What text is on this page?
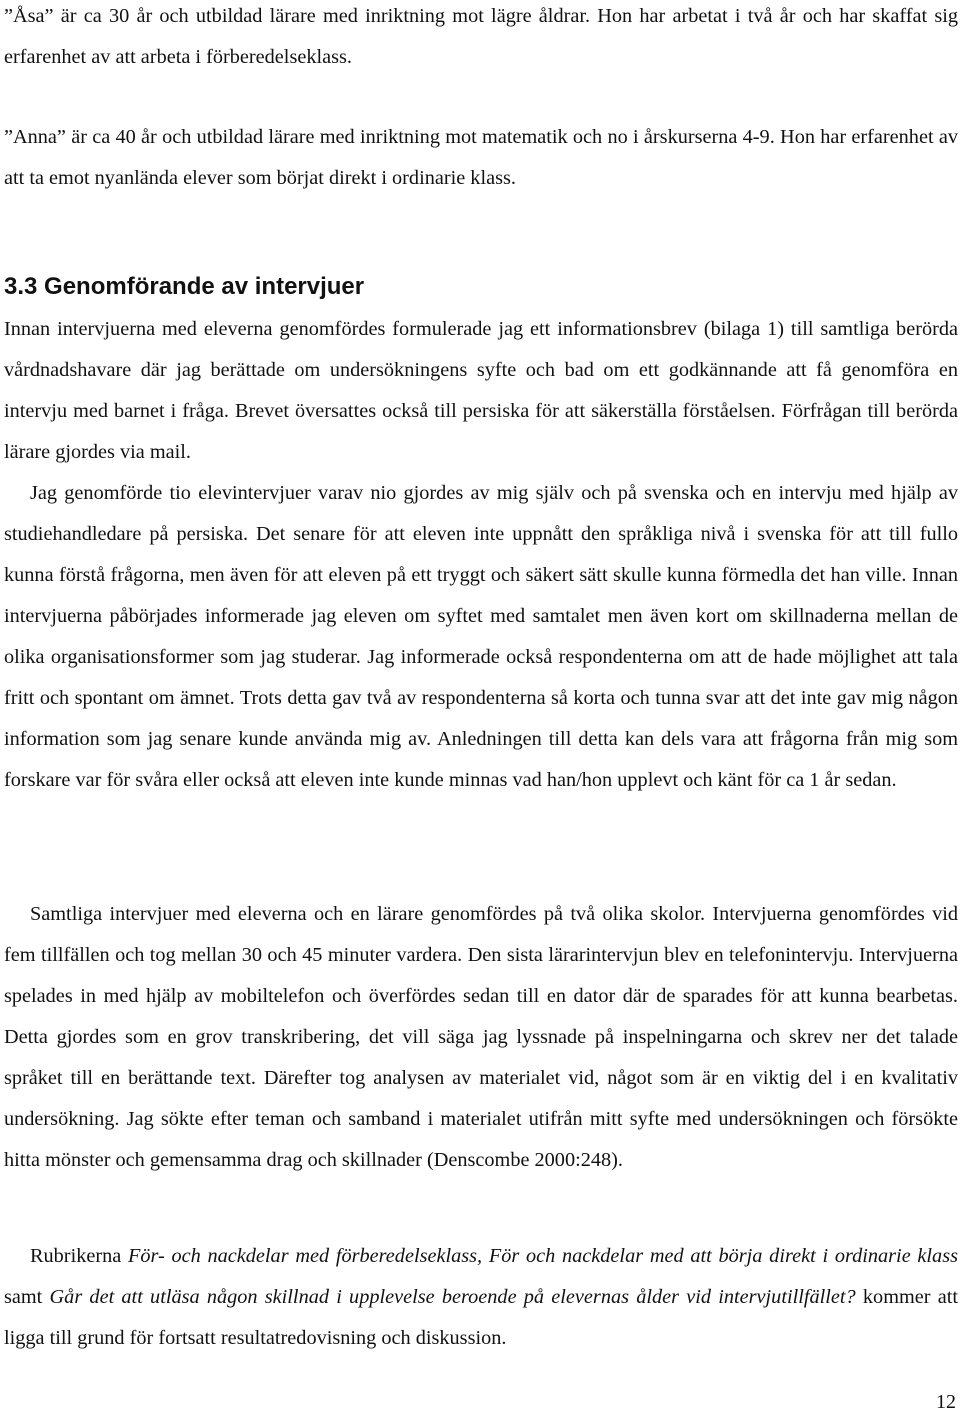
”Åsa” är ca 30 år och utbildad lärare med inriktning mot lägre åldrar. Hon har arbetat i två år och har skaffat sig erfarenhet av att arbeta i förberedelseklass.

”Anna” är ca 40 år och utbildad lärare med inriktning mot matematik och no i årskurserna 4-9. Hon har erfarenhet av att ta emot nyanlända elever som börjat direkt i ordinarie klass.

3.3 Genomförande av intervjuer

Innan intervjuerna med eleverna genomfördes formulerade jag ett informationsbrev (bilaga 1) till samtliga berörda vårdnadshavare där jag berättade om undersökningens syfte och bad om ett godkännande att få genomföra en intervju med barnet i fråga. Brevet översattes också till persiska för att säkerställa förståelsen. Förfrågan till berörda lärare gjordes via mail.

Jag genomförde tio elevintervjuer varav nio gjordes av mig själv och på svenska och en intervju med hjälp av studiehandledare på persiska. Det senare för att eleven inte uppnått den språkliga nivå i svenska för att till fullo kunna förstå frågorna, men även för att eleven på ett tryggt och säkert sätt skulle kunna förmedla det han ville. Innan intervjuerna påbörjades informerade jag eleven om syftet med samtalet men även kort om skillnaderna mellan de olika organisationsformer som jag studerar. Jag informerade också respondenterna om att de hade möjlighet att tala fritt och spontant om ämnet. Trots detta gav två av respondenterna så korta och tunna svar att det inte gav mig någon information som jag senare kunde använda mig av. Anledningen till detta kan dels vara att frågorna från mig som forskare var för svåra eller också att eleven inte kunde minnas vad han/hon upplevt och känt för ca 1 år sedan.

Samtliga intervjuer med eleverna och en lärare genomfördes på två olika skolor. Intervjuerna genomfördes vid fem tillfällen och tog mellan 30 och 45 minuter vardera. Den sista lärarintervjun blev en telefonintervju. Intervjuerna spelades in med hjälp av mobiltelefon och överfördes sedan till en dator där de sparades för att kunna bearbetas. Detta gjordes som en grov transkribering, det vill säga jag lyssnade på inspelningarna och skrev ner det talade språket till en berättande text. Därefter tog analysen av materialet vid, något som är en viktig del i en kvalitativ undersökning. Jag sökte efter teman och samband i materialet utifrån mitt syfte med undersökningen och försökte hitta mönster och gemensamma drag och skillnader (Denscombe 2000:248).

Rubrikerna För- och nackdelar med förberedelseklass, För och nackdelar med att börja direkt i ordinarie klass samt Går det att utläsa någon skillnad i upplevelse beroende på elevernas ålder vid intervjutillfället? kommer att ligga till grund för fortsatt resultatredovisning och diskussion.

12
